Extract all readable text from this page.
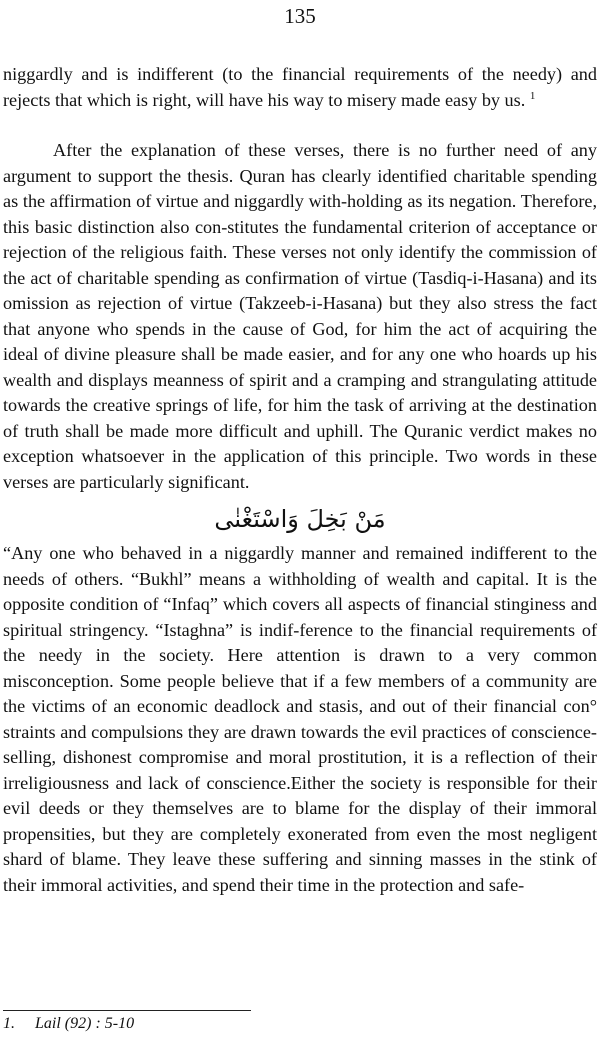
135

niggardly and is indifferent (to the financial requirements of the needy) and rejects that which is right, will have his way to misery made easy by us. $^1$

After the explanation of these verses, there is no further need of any argument to support the thesis. Quran has clearly identified charitable spending as the affirmation of virtue and niggardly with-holding as its negation. Therefore, this basic distinction also con-stitutes the fundamental criterion of acceptance or rejection of the religious faith. These verses not only identify the commission of the act of charitable spending as confirmation of virtue (Tasdiq-i-Hasana) and its omission as rejection of virtue (Takzeeb-i-Hasana) but they also stress the fact that anyone who spends in the cause of God, for him the act of acquiring the ideal of divine pleasure shall be made easier, and for any one who hoards up his wealth and displays meanness of spirit and a cramping and strangulating attitude towards the creative springs of life, for him the task of arriving at the destination of truth shall be made more difficult and uphill. The Quranic verdict makes no exception whatsoever in the application of this principle. Two words in these verses are particularly significant.

مَنْ بَخِلَ وَاسْتَغْنٰى

“Any one who behaved in a niggardly manner and remained indifferent to the needs of others. “Bukhl” means a withholding of wealth and capital. It is the opposite condition of “Infaq” which covers all aspects of financial stinginess and spiritual stringency. “Istaghna” is indif-ference to the financial requirements of the needy in the society. Here attention is drawn to a very common misconception. Some people believe that if a few members of a community are the victims of an economic deadlock and stasis, and out of their financial con° straints and compulsions they are drawn towards the evil practices of conscience-selling, dishonest compromise and moral prostitution, it is a reflection of their irreligiousness and lack of conscience.Either the society is responsible for their evil deeds or they themselves are to blame for the display of their immoral propensities, but they are completely exonerated from even the most negligent shard of blame. They leave these suffering and sinning masses in the stink of their immoral activities, and spend their time in the protection and safe-

1. Lail (92) : 5-10
